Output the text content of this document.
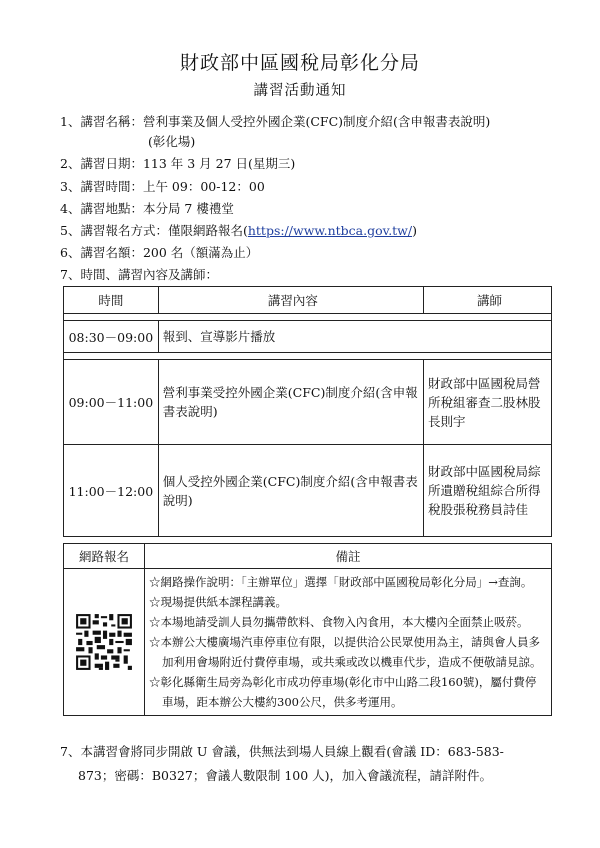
財政部中區國稅局彰化分局
講習活動通知
1、講習名稱：營利事業及個人受控外國企業(CFC)制度介紹(含申報書表說明)
(彰化場)
2、講習日期：113 年 3 月 27 日(星期三)
3、講習時間：上午 09：00-12：00
4、講習地點：本分局 7 樓禮堂
5、講習報名方式：僅限網路報名(https://www.ntbca.gov.tw/)
6、講習名額：200 名（額滿為止）
7、時間、講習內容及講師：
時間	講習內容	講師

08:30－09:00	報到、宣導影片播放	

09:00－11:00	營利事業受控外國企業(CFC)制度介紹(含申報書表說明)	財政部中區國稅局營所稅組審查二股林股長則宇
11:00－12:00	個人受控外國企業(CFC)制度介紹(含申報書表說明)	財政部中區國稅局綜所遺贈稅組綜合所得稅股張稅務員詩佳
網路報名	備註

☆網路操作說明：「主辦單位」選擇「財政部中區國稅局彰化分局」→查詢。
☆現場提供紙本課程講義。
☆本場地請受訓人員勿攜帶飲料、食物入內食用，本大樓內全面禁止吸菸。
☆本辦公大樓廣場汽車停車位有限，以提供洽公民眾使用為主，請與會人員多加利用會場附近付費停車場，或共乘或改以機車代步，造成不便敬請見諒。
☆彰化縣衛生局旁為彰化市成功停車場(彰化市中山路二段160號)，屬付費停車場，距本辦公大樓約300公尺，供多考運用。
7、本講習會將同步開啟 U 會議，供無法到場人員線上觀看(會議 ID：683-583-
873；密碼：B0327；會議人數限制 100 人)，加入會議流程，請詳附件。
